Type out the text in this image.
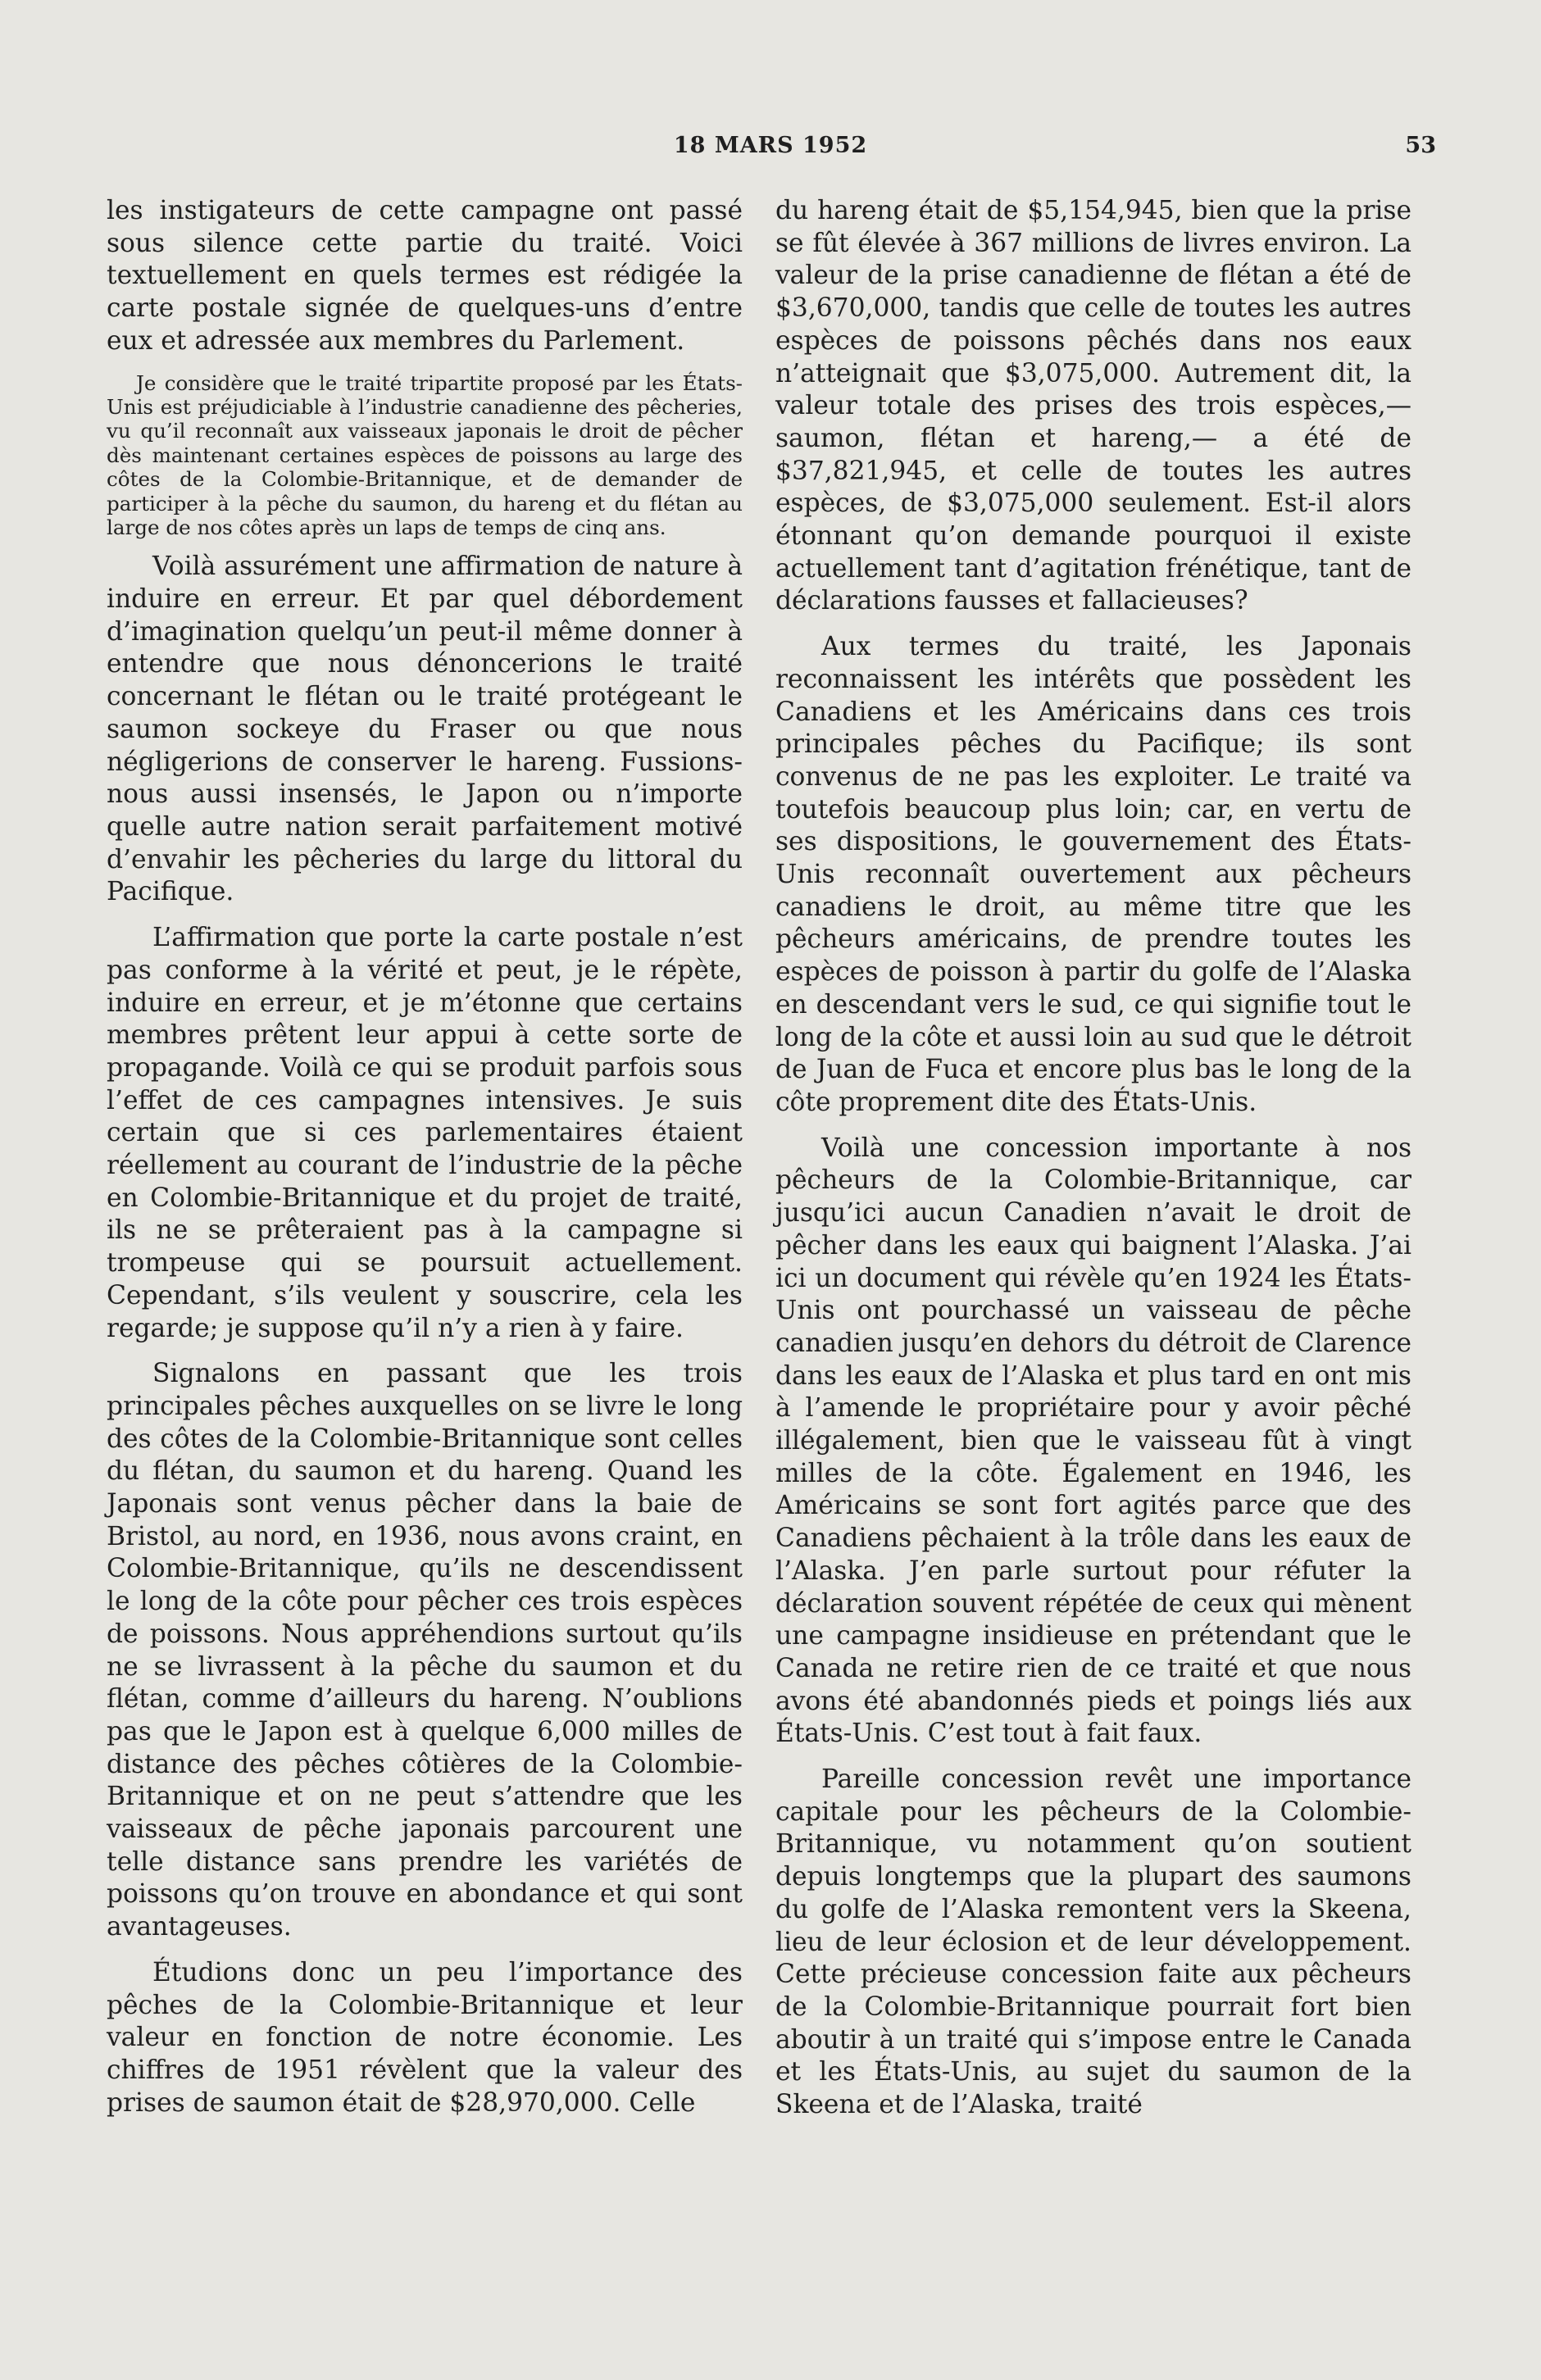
18 MARS 1952	53

les instigateurs de cette campagne ont passé sous silence cette partie du traité. Voici textuellement en quels termes est rédigée la carte postale signée de quelques-uns d’entre eux et adressée aux membres du Parlement.

Je considère que le traité tripartite proposé par les États-Unis est préjudiciable à l’industrie canadienne des pêcheries, vu qu’il reconnaît aux vaisseaux japonais le droit de pêcher dès maintenant certaines espèces de poissons au large des côtes de la Colombie-Britannique, et de demander de participer à la pêche du saumon, du hareng et du flétan au large de nos côtes après un laps de temps de cinq ans.

Voilà assurément une affirmation de nature à induire en erreur. Et par quel débordement d’imagination quelqu’un peut-il même donner à entendre que nous dénoncerions le traité concernant le flétan ou le traité protégeant le saumon sockeye du Fraser ou que nous négligerions de conserver le hareng. Fussions-nous aussi insensés, le Japon ou n’importe quelle autre nation serait parfaitement motivé d’envahir les pêcheries du large du littoral du Pacifique.

L’affirmation que porte la carte postale n’est pas conforme à la vérité et peut, je le répète, induire en erreur, et je m’étonne que certains membres prêtent leur appui à cette sorte de propagande. Voilà ce qui se produit parfois sous l’effet de ces campagnes intensives. Je suis certain que si ces parlementaires étaient réellement au courant de l’industrie de la pêche en Colombie-Britannique et du projet de traité, ils ne se prêteraient pas à la campagne si trompeuse qui se poursuit actuellement. Cependant, s’ils veulent y souscrire, cela les regarde; je suppose qu’il n’y a rien à y faire.

Signalons en passant que les trois principales pêches auxquelles on se livre le long des côtes de la Colombie-Britannique sont celles du flétan, du saumon et du hareng. Quand les Japonais sont venus pêcher dans la baie de Bristol, au nord, en 1936, nous avons craint, en Colombie-Britannique, qu’ils ne descendissent le long de la côte pour pêcher ces trois espèces de poissons. Nous appréhendions surtout qu’ils ne se livrassent à la pêche du saumon et du flétan, comme d’ailleurs du hareng. N’oublions pas que le Japon est à quelque 6,000 milles de distance des pêches côtières de la Colombie-Britannique et on ne peut s’attendre que les vaisseaux de pêche japonais parcourent une telle distance sans prendre les variétés de poissons qu’on trouve en abondance et qui sont avantageuses.

Étudions donc un peu l’importance des pêches de la Colombie-Britannique et leur valeur en fonction de notre économie. Les chiffres de 1951 révèlent que la valeur des prises de saumon était de $28,970,000. Celle

du hareng était de $5,154,945, bien que la prise se fût élevée à 367 millions de livres environ. La valeur de la prise canadienne de flétan a été de $3,670,000, tandis que celle de toutes les autres espèces de poissons pêchés dans nos eaux n’atteignait que $3,075,000. Autrement dit, la valeur totale des prises des trois espèces,—saumon, flétan et hareng,— a été de $37,821,945, et celle de toutes les autres espèces, de $3,075,000 seulement. Est-il alors étonnant qu’on demande pourquoi il existe actuellement tant d’agitation frénétique, tant de déclarations fausses et fallacieuses?

Aux termes du traité, les Japonais reconnaissent les intérêts que possèdent les Canadiens et les Américains dans ces trois principales pêches du Pacifique; ils sont convenus de ne pas les exploiter. Le traité va toutefois beaucoup plus loin; car, en vertu de ses dispositions, le gouvernement des États-Unis reconnaît ouvertement aux pêcheurs canadiens le droit, au même titre que les pêcheurs américains, de prendre toutes les espèces de poisson à partir du golfe de l’Alaska en descendant vers le sud, ce qui signifie tout le long de la côte et aussi loin au sud que le détroit de Juan de Fuca et encore plus bas le long de la côte proprement dite des États-Unis.

Voilà une concession importante à nos pêcheurs de la Colombie-Britannique, car jusqu’ici aucun Canadien n’avait le droit de pêcher dans les eaux qui baignent l’Alaska. J’ai ici un document qui révèle qu’en 1924 les États-Unis ont pourchassé un vaisseau de pêche canadien jusqu’en dehors du détroit de Clarence dans les eaux de l’Alaska et plus tard en ont mis à l’amende le propriétaire pour y avoir pêché illégalement, bien que le vaisseau fût à vingt milles de la côte. Également en 1946, les Américains se sont fort agités parce que des Canadiens pêchaient à la trôle dans les eaux de l’Alaska. J’en parle surtout pour réfuter la déclaration souvent répétée de ceux qui mènent une campagne insidieuse en prétendant que le Canada ne retire rien de ce traité et que nous avons été abandonnés pieds et poings liés aux États-Unis. C’est tout à fait faux.

Pareille concession revêt une importance capitale pour les pêcheurs de la Colombie-Britannique, vu notamment qu’on soutient depuis longtemps que la plupart des saumons du golfe de l’Alaska remontent vers la Skeena, lieu de leur éclosion et de leur développement. Cette précieuse concession faite aux pêcheurs de la Colombie-Britannique pourrait fort bien aboutir à un traité qui s’impose entre le Canada et les États-Unis, au sujet du saumon de la Skeena et de l’Alaska, traité
